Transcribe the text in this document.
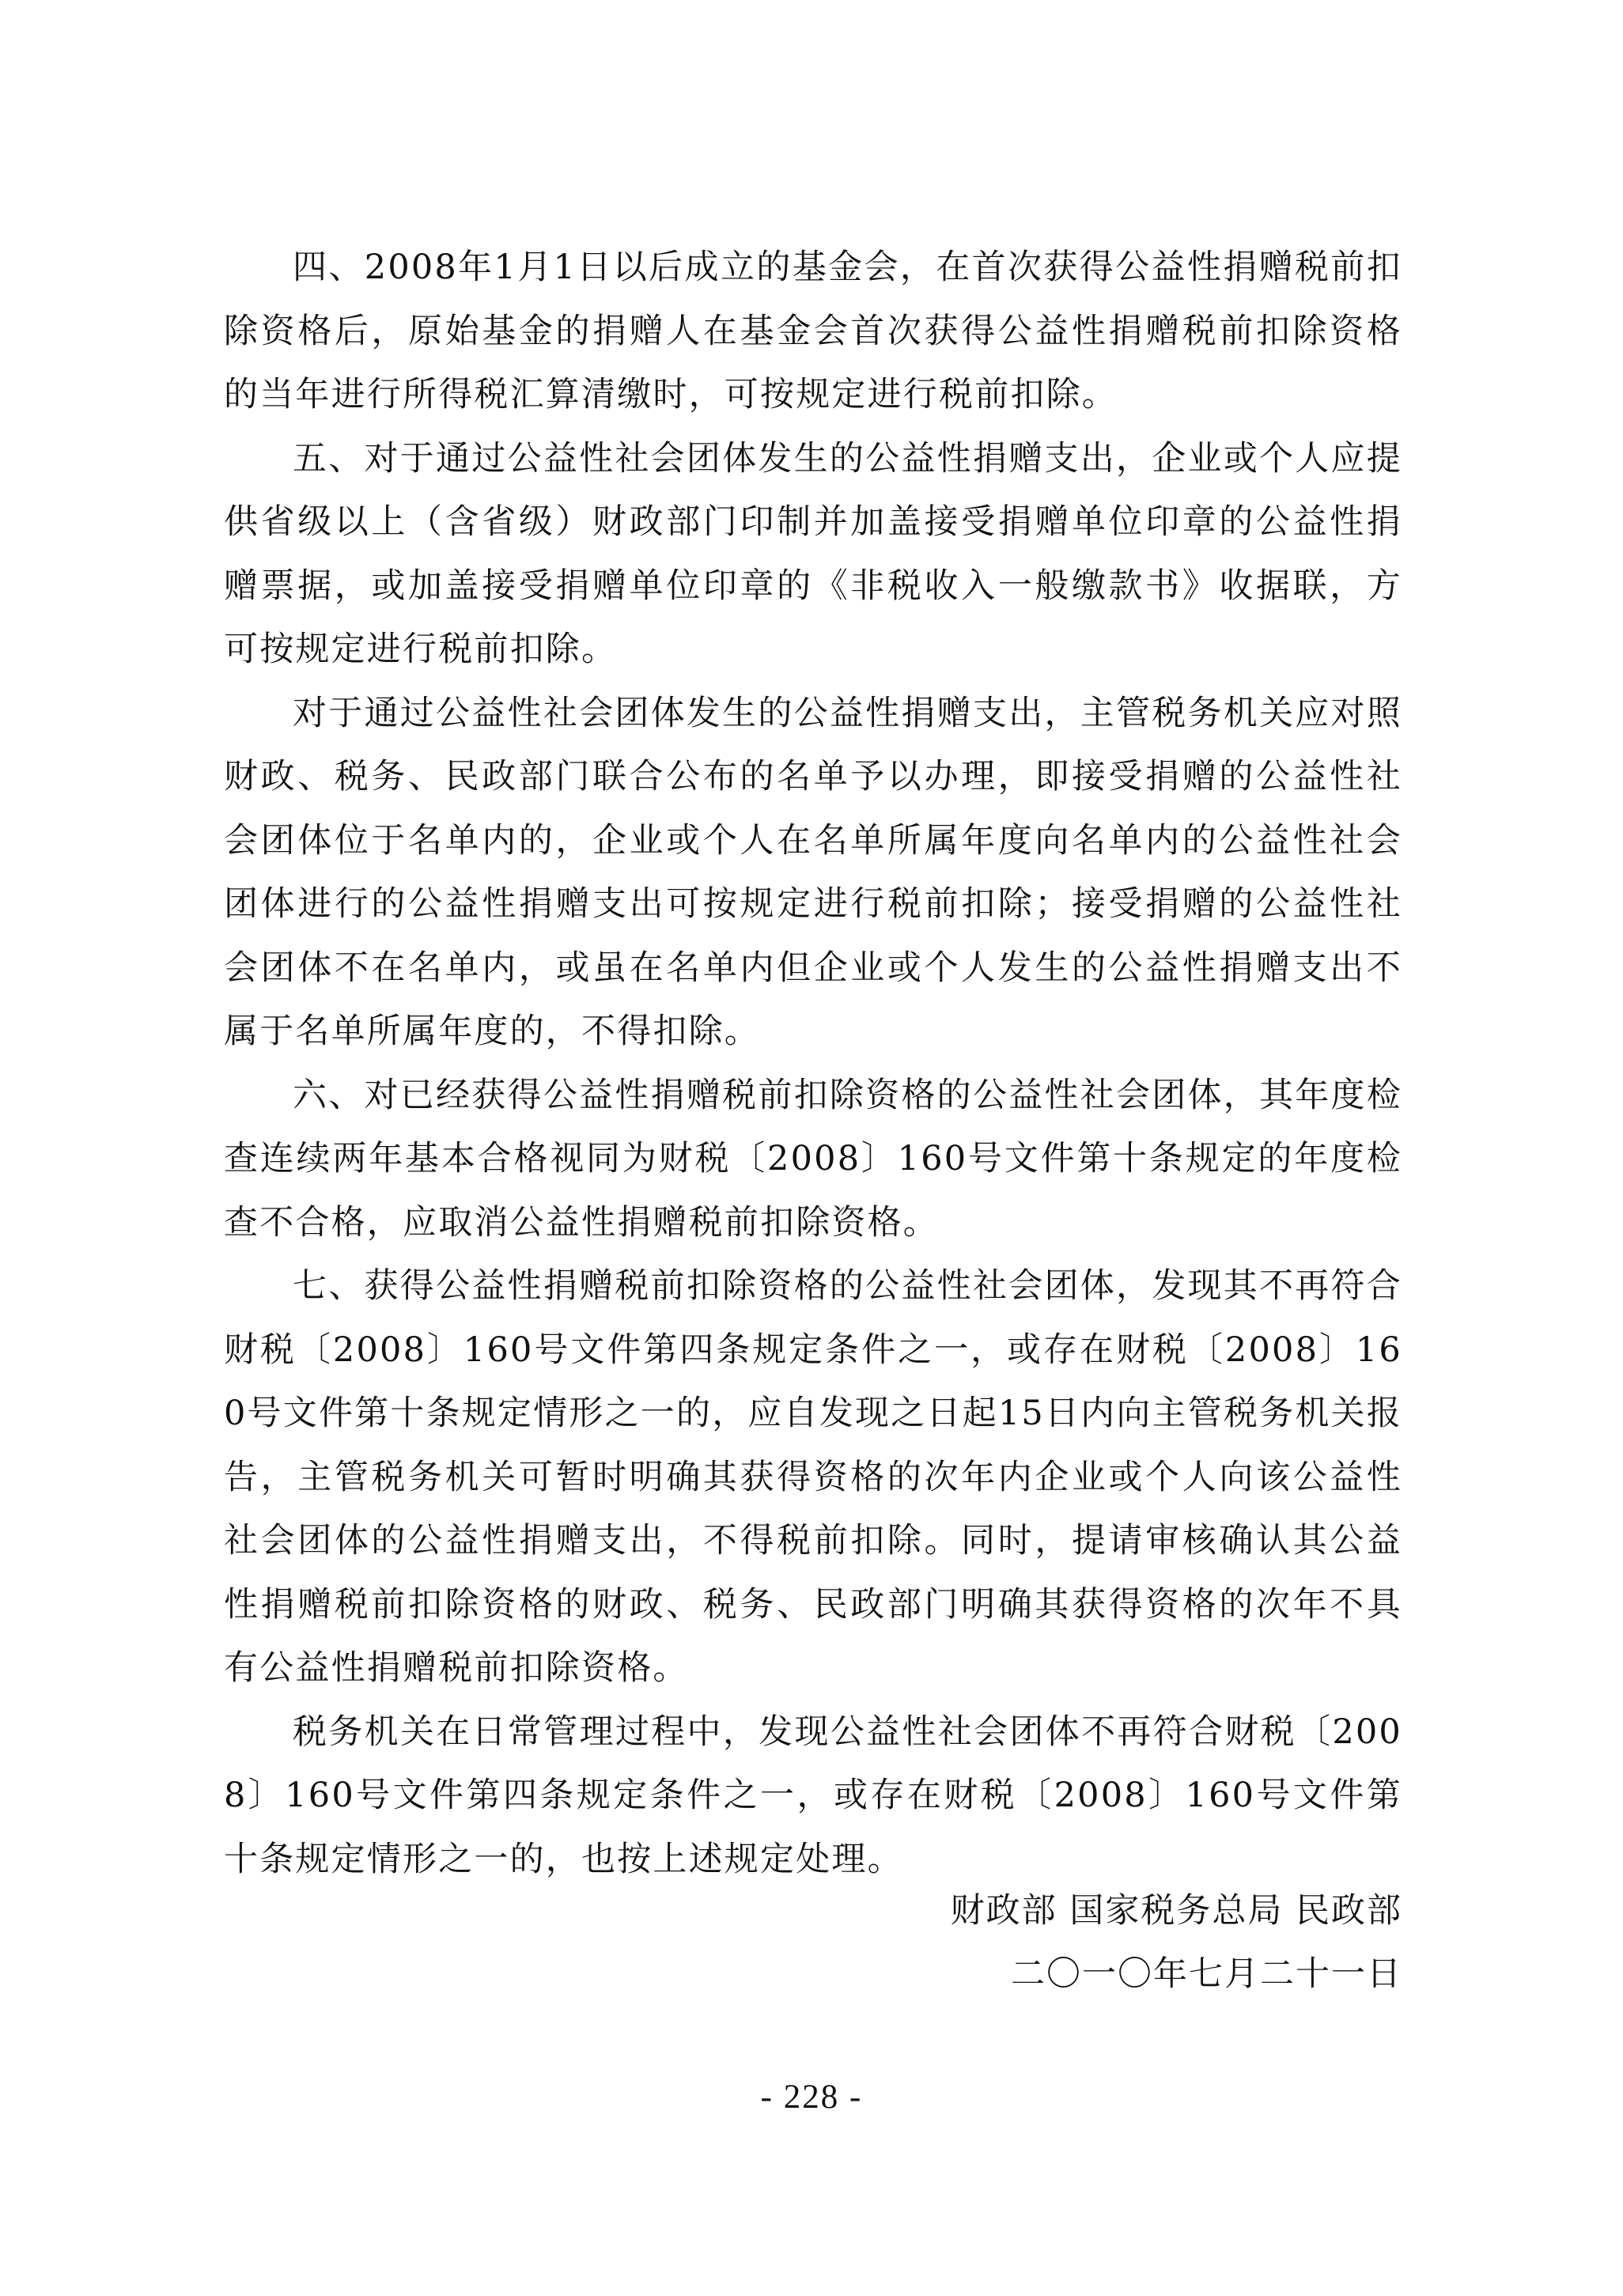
四、2008年1月1日以后成立的基金会，在首次获得公益性捐赠税前扣除资格后，原始基金的捐赠人在基金会首次获得公益性捐赠税前扣除资格的当年进行所得税汇算清缴时，可按规定进行税前扣除。

五、对于通过公益性社会团体发生的公益性捐赠支出，企业或个人应提供省级以上（含省级）财政部门印制并加盖接受捐赠单位印章的公益性捐赠票据，或加盖接受捐赠单位印章的《非税收入一般缴款书》收据联，方可按规定进行税前扣除。

对于通过公益性社会团体发生的公益性捐赠支出，主管税务机关应对照财政、税务、民政部门联合公布的名单予以办理，即接受捐赠的公益性社会团体位于名单内的，企业或个人在名单所属年度向名单内的公益性社会团体进行的公益性捐赠支出可按规定进行税前扣除；接受捐赠的公益性社会团体不在名单内，或虽在名单内但企业或个人发生的公益性捐赠支出不属于名单所属年度的，不得扣除。

六、对已经获得公益性捐赠税前扣除资格的公益性社会团体，其年度检查连续两年基本合格视同为财税〔2008〕160号文件第十条规定的年度检查不合格，应取消公益性捐赠税前扣除资格。

七、获得公益性捐赠税前扣除资格的公益性社会团体，发现其不再符合财税〔2008〕160号文件第四条规定条件之一，或存在财税〔2008〕160号文件第十条规定情形之一的，应自发现之日起15日内向主管税务机关报告，主管税务机关可暂时明确其获得资格的次年内企业或个人向该公益性社会团体的公益性捐赠支出，不得税前扣除。同时，提请审核确认其公益性捐赠税前扣除资格的财政、税务、民政部门明确其获得资格的次年不具有公益性捐赠税前扣除资格。

税务机关在日常管理过程中，发现公益性社会团体不再符合财税〔2008〕160号文件第四条规定条件之一，或存在财税〔2008〕160号文件第十条规定情形之一的，也按上述规定处理。

财政部 国家税务总局 民政部
二〇一〇年七月二十一日
- 228 -
